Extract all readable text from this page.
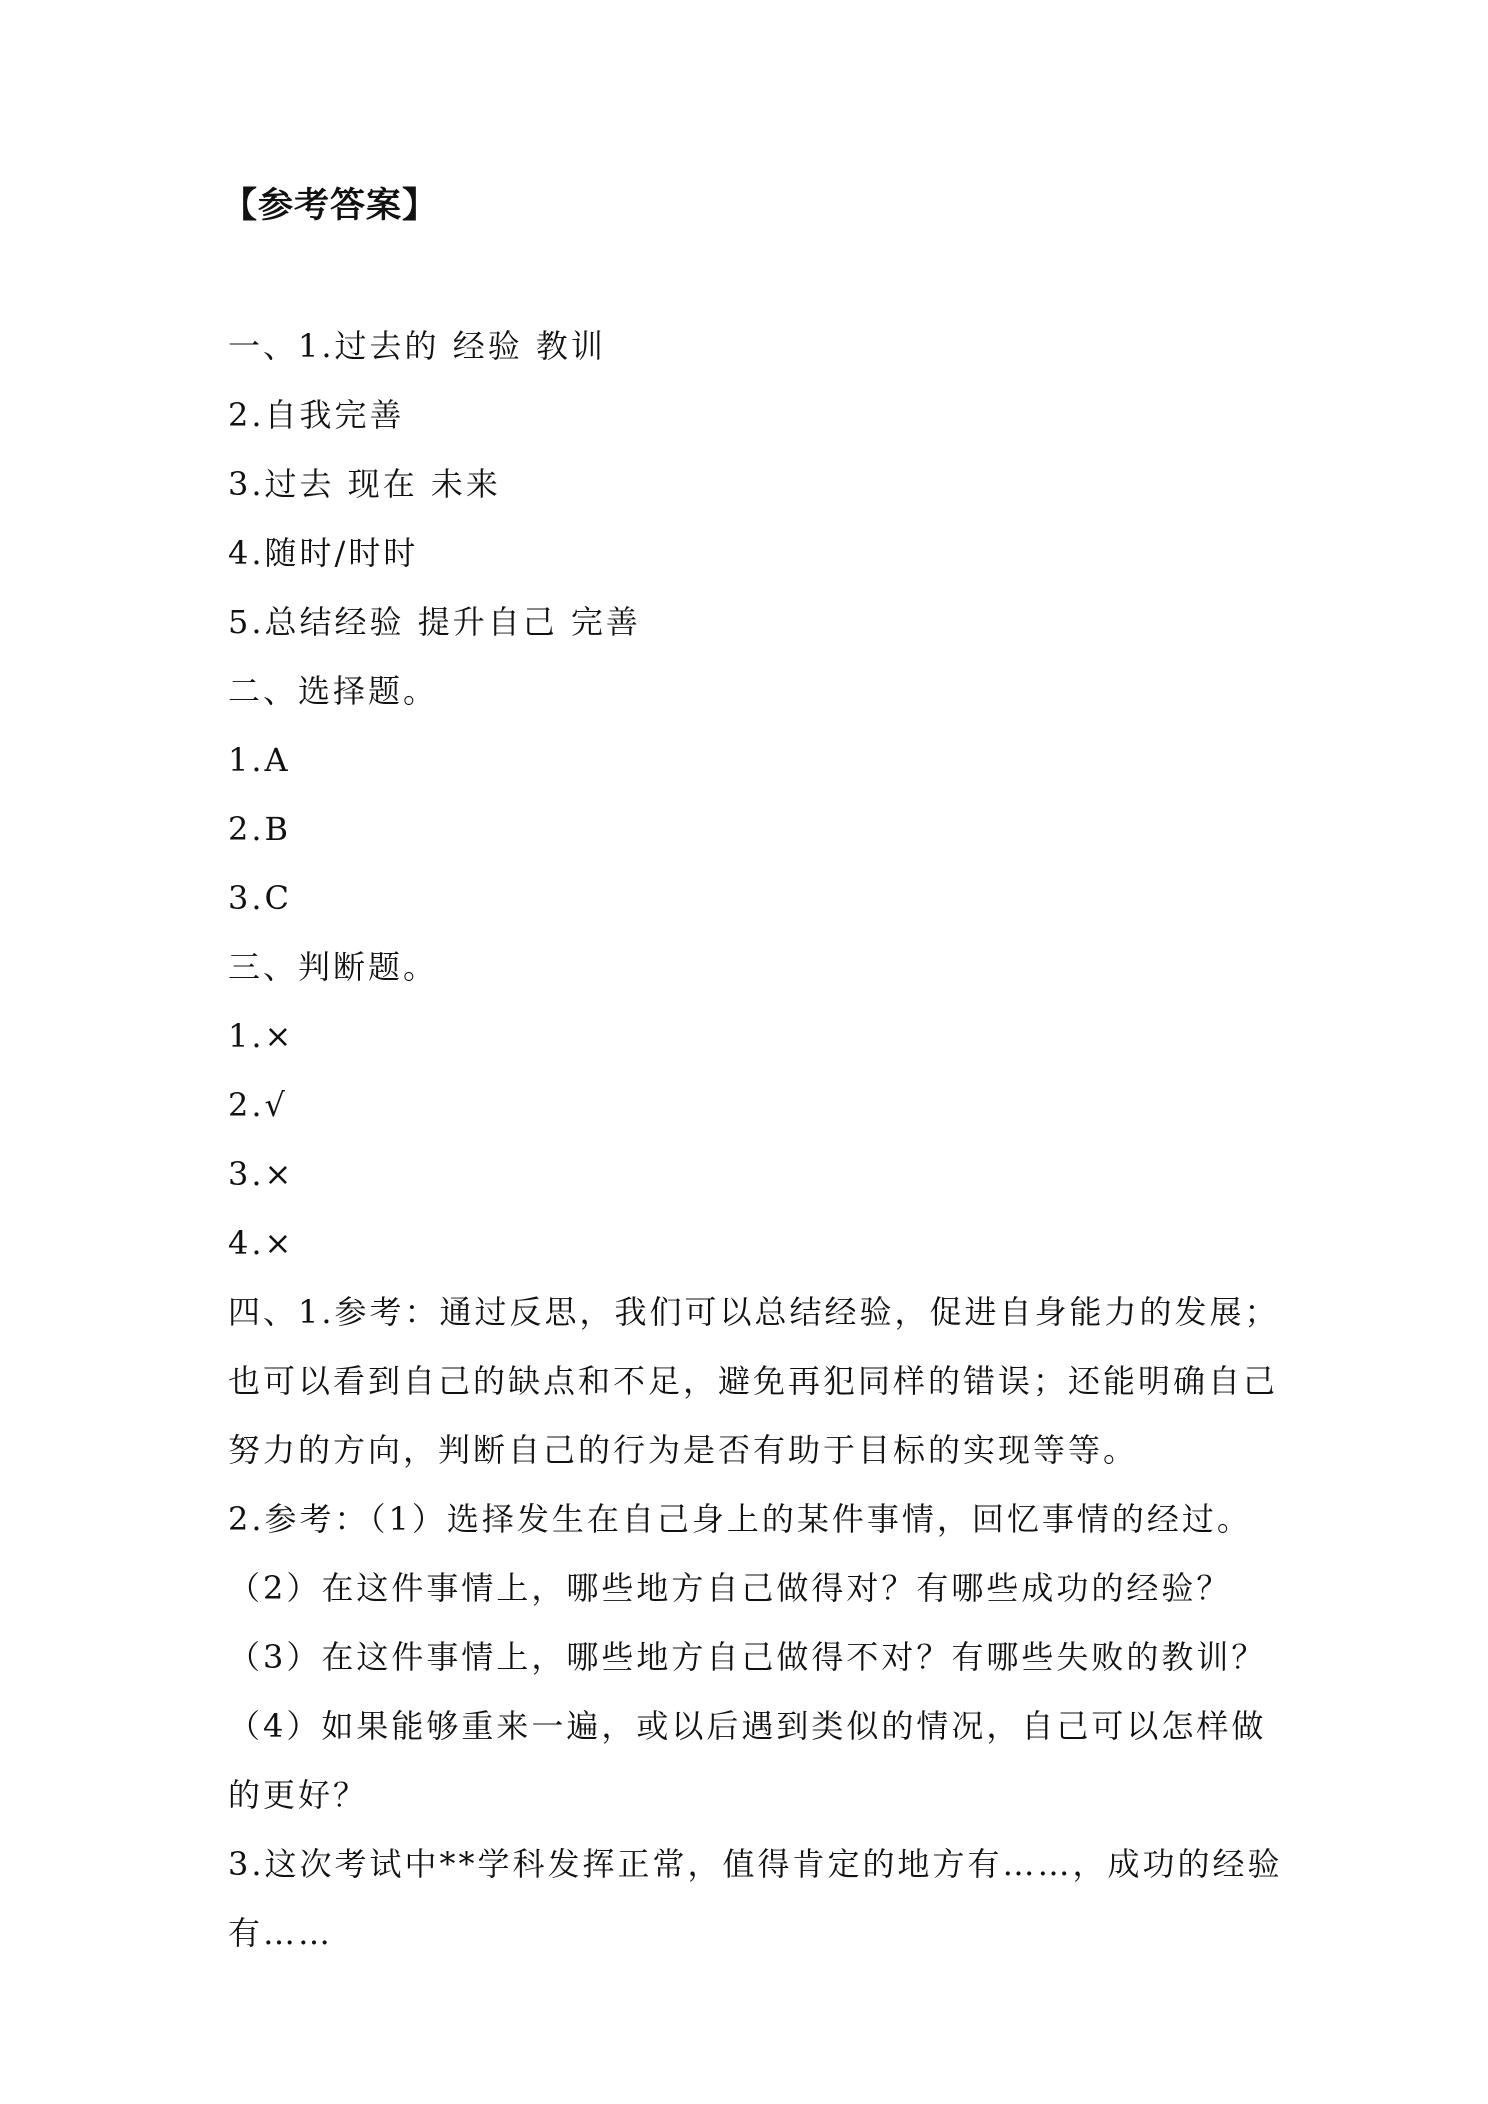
【参考答案】
一、1.过去的 经验 教训
2.自我完善
3.过去 现在 未来
4.随时/时时
5.总结经验 提升自己 完善
二、选择题。
1.A
2.B
3.C
三、判断题。
1.×
2.√
3.×
4.×
四、1.参考：通过反思，我们可以总结经验，促进自身能力的发展；
也可以看到自己的缺点和不足，避免再犯同样的错误；还能明确自己
努力的方向，判断自己的行为是否有助于目标的实现等等。
2.参考：（1）选择发生在自己身上的某件事情，回忆事情的经过。
（2）在这件事情上，哪些地方自己做得对？有哪些成功的经验？
（3）在这件事情上，哪些地方自己做得不对？有哪些失败的教训？
（4）如果能够重来一遍，或以后遇到类似的情况，自己可以怎样做
的更好？
3.这次考试中**学科发挥正常，值得肯定的地方有……，成功的经验
有……
